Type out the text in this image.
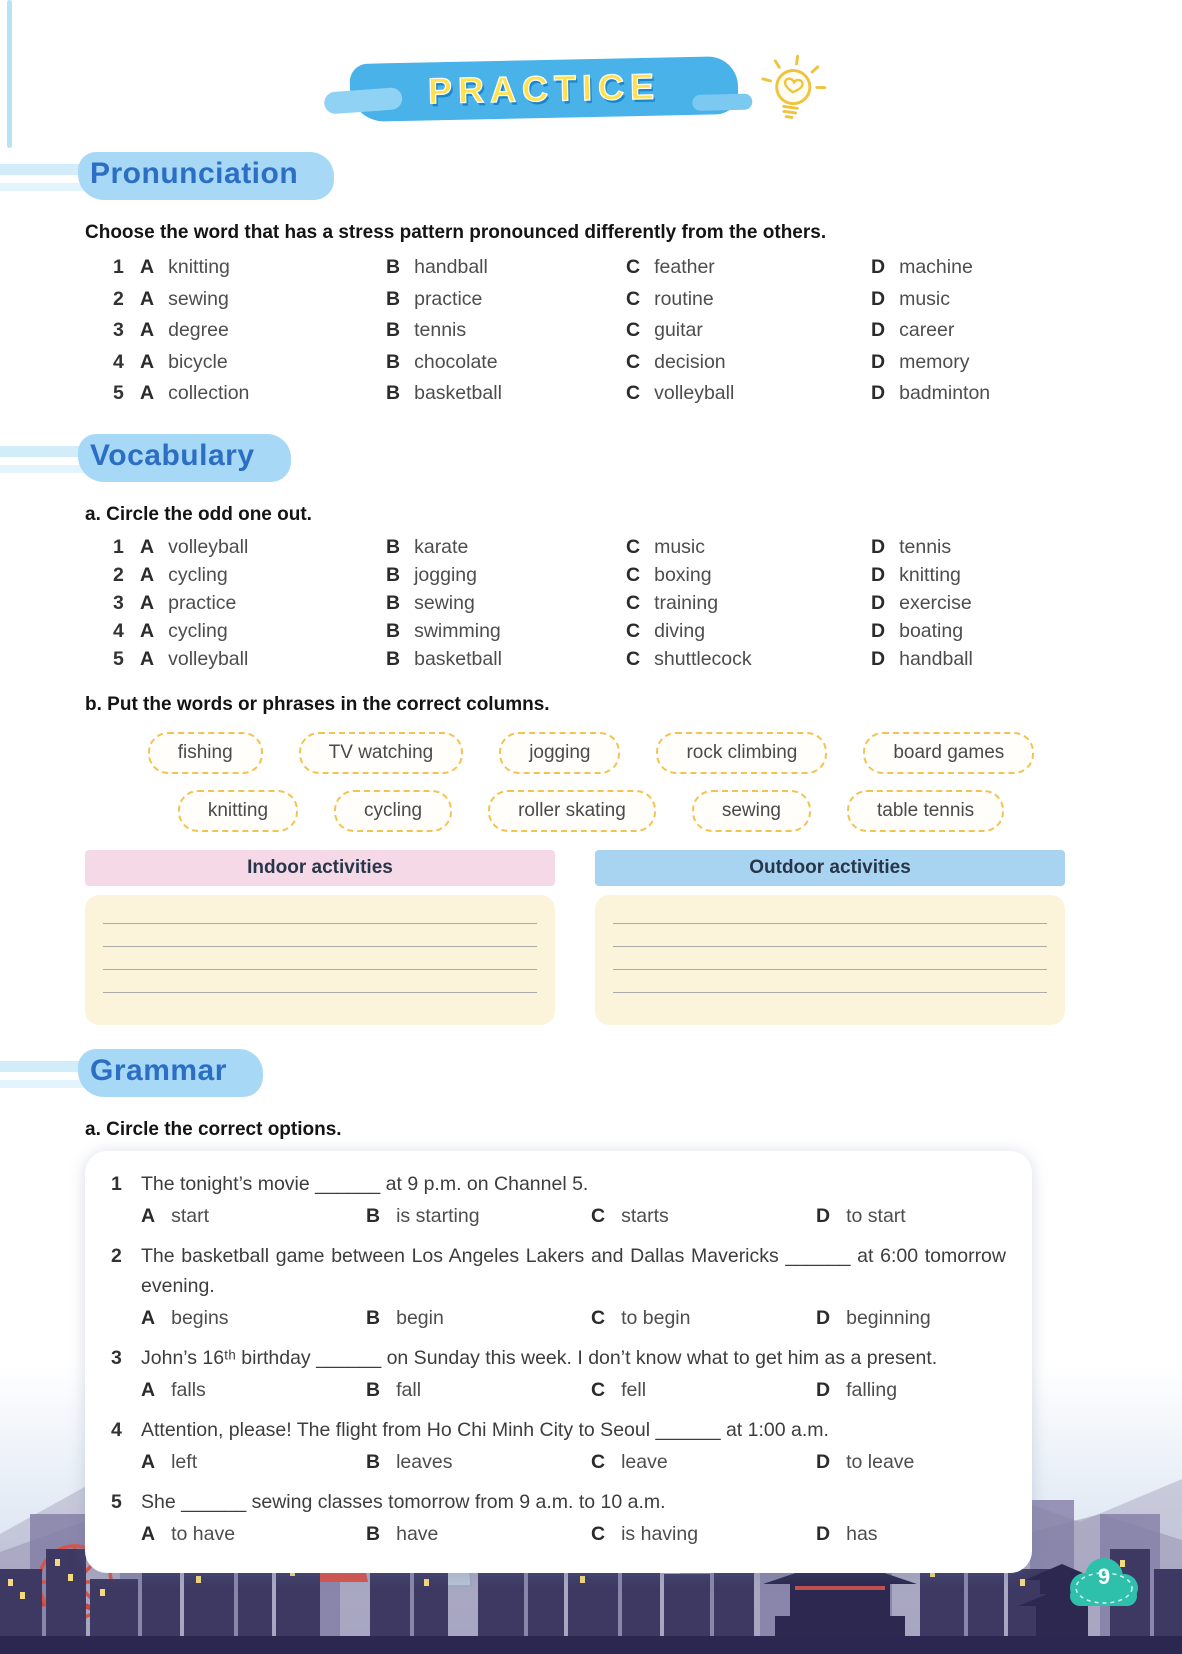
PRACTICE
Pronunciation

Choose the word that has a stress pattern pronounced differently from the others.

1 A knitting	B handball	C feather	D machine
2 A sewing	B practice	C routine	D music
3 A degree	B tennis	C guitar	D career
4 A bicycle	B chocolate	C decision	D memory
5 A collection	B basketball	C volleyball	D badminton
Vocabulary

a. Circle the odd one out.

1 A volleyball	B karate	C music	D tennis
2 A cycling	B jogging	C boxing	D knitting
3 A practice	B sewing	C training	D exercise
4 A cycling	B swimming	C diving	D boating
5 A volleyball	B basketball	C shuttlecock	D handball

b. Put the words or phrases in the correct columns.

fishing	TV watching	jogging	rock climbing	board games
knitting	cycling	roller skating	sewing	table tennis
Indoor activities	Outdoor activities
Grammar

a. Circle the correct options.

1 The tonight’s movie ______ at 9 p.m. on Channel 5.
A start	B is starting	C starts	D to start
2 The basketball game between Los Angeles Lakers and Dallas Mavericks ______ at 6:00 tomorrow evening.
A begins	B begin	C to begin	D beginning
3 John’s 16ᵗʰ birthday ______ on Sunday this week. I don’t know what to get him as a present.
A falls	B fall	C fell	D falling
4 Attention, please! The flight from Ho Chi Minh City to Seoul ______ at 1:00 a.m.
A left	B leaves	C leave	D to leave
5 She ______ sewing classes tomorrow from 9 a.m. to 10 a.m.
A to have	B have	C is having	D has
9
